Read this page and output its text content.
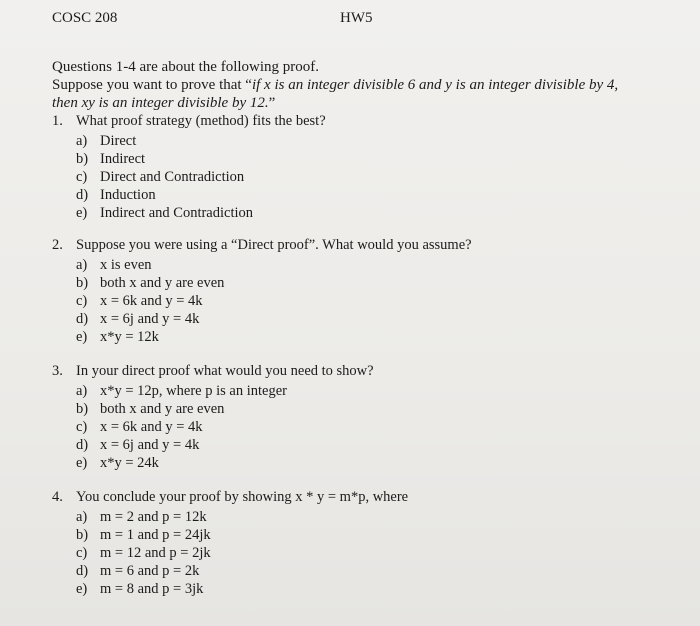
COSC 208	HW5
Questions 1-4 are about the following proof.
Suppose you want to prove that “if x is an integer divisible 6 and y is an integer divisible by 4,
then xy is an integer divisible by 12.”
1. What proof strategy (method) fits the best?
a) Direct
b) Indirect
c) Direct and Contradiction
d) Induction
e) Indirect and Contradiction
2. Suppose you were using a “Direct proof”. What would you assume?
a) x is even
b) both x and y are even
c) x = 6k and y = 4k
d) x = 6j and y = 4k
e) x*y = 12k
3. In your direct proof what would you need to show?
a) x*y = 12p, where p is an integer
b) both x and y are even
c) x = 6k and y = 4k
d) x = 6j and y = 4k
e) x*y = 24k
4. You conclude your proof by showing x * y = m*p, where
a) m = 2 and p = 12k
b) m = 1 and p = 24jk
c) m = 12 and p = 2jk
d) m = 6 and p = 2k
e) m = 8 and p = 3jk
